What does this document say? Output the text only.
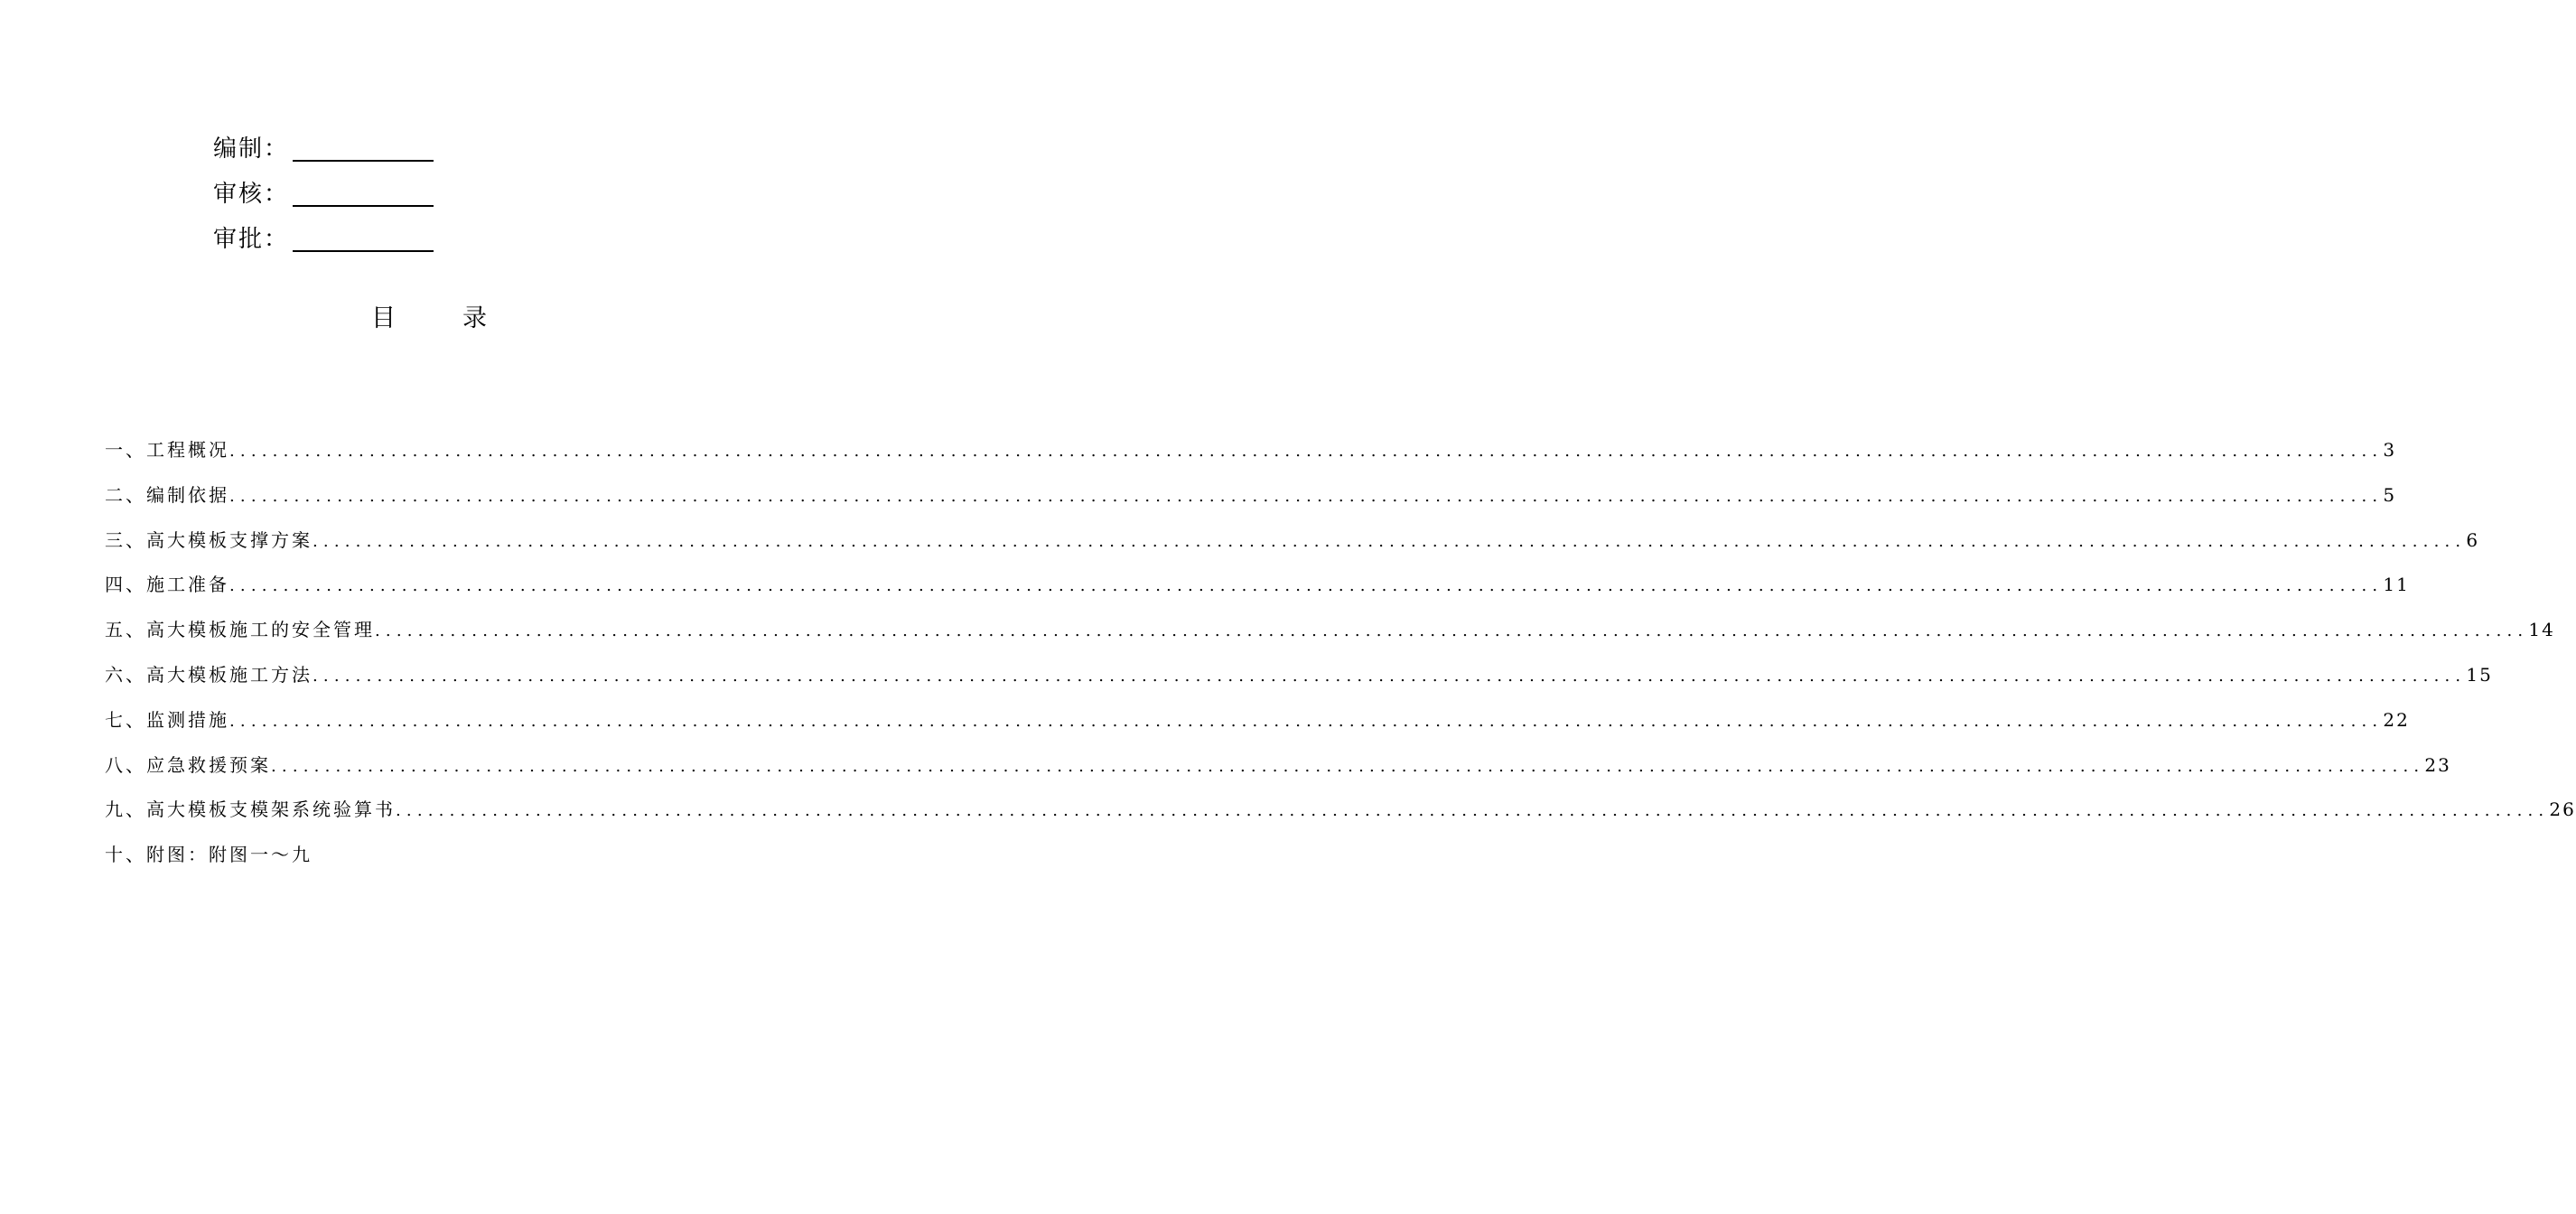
编制：
审核：
审批：
目	录
一、工程概况 ........................................................................................................................................................................................................ 3
二、编制依据 ........................................................................................................................................................................................................ 5
三、高大模板支撑方案 ........................................................................................................................................................................................................ 6
四、施工准备 ........................................................................................................................................................................................................ 11
五、高大模板施工的安全管理 ........................................................................................................................................................................................................ 14
六、高大模板施工方法 ........................................................................................................................................................................................................ 15
七、监测措施 ........................................................................................................................................................................................................ 22
八、应急救援预案 ........................................................................................................................................................................................................ 23
九、高大模板支模架系统验算书 ........................................................................................................................................................................................................ 26
十、附图：附图一～九
